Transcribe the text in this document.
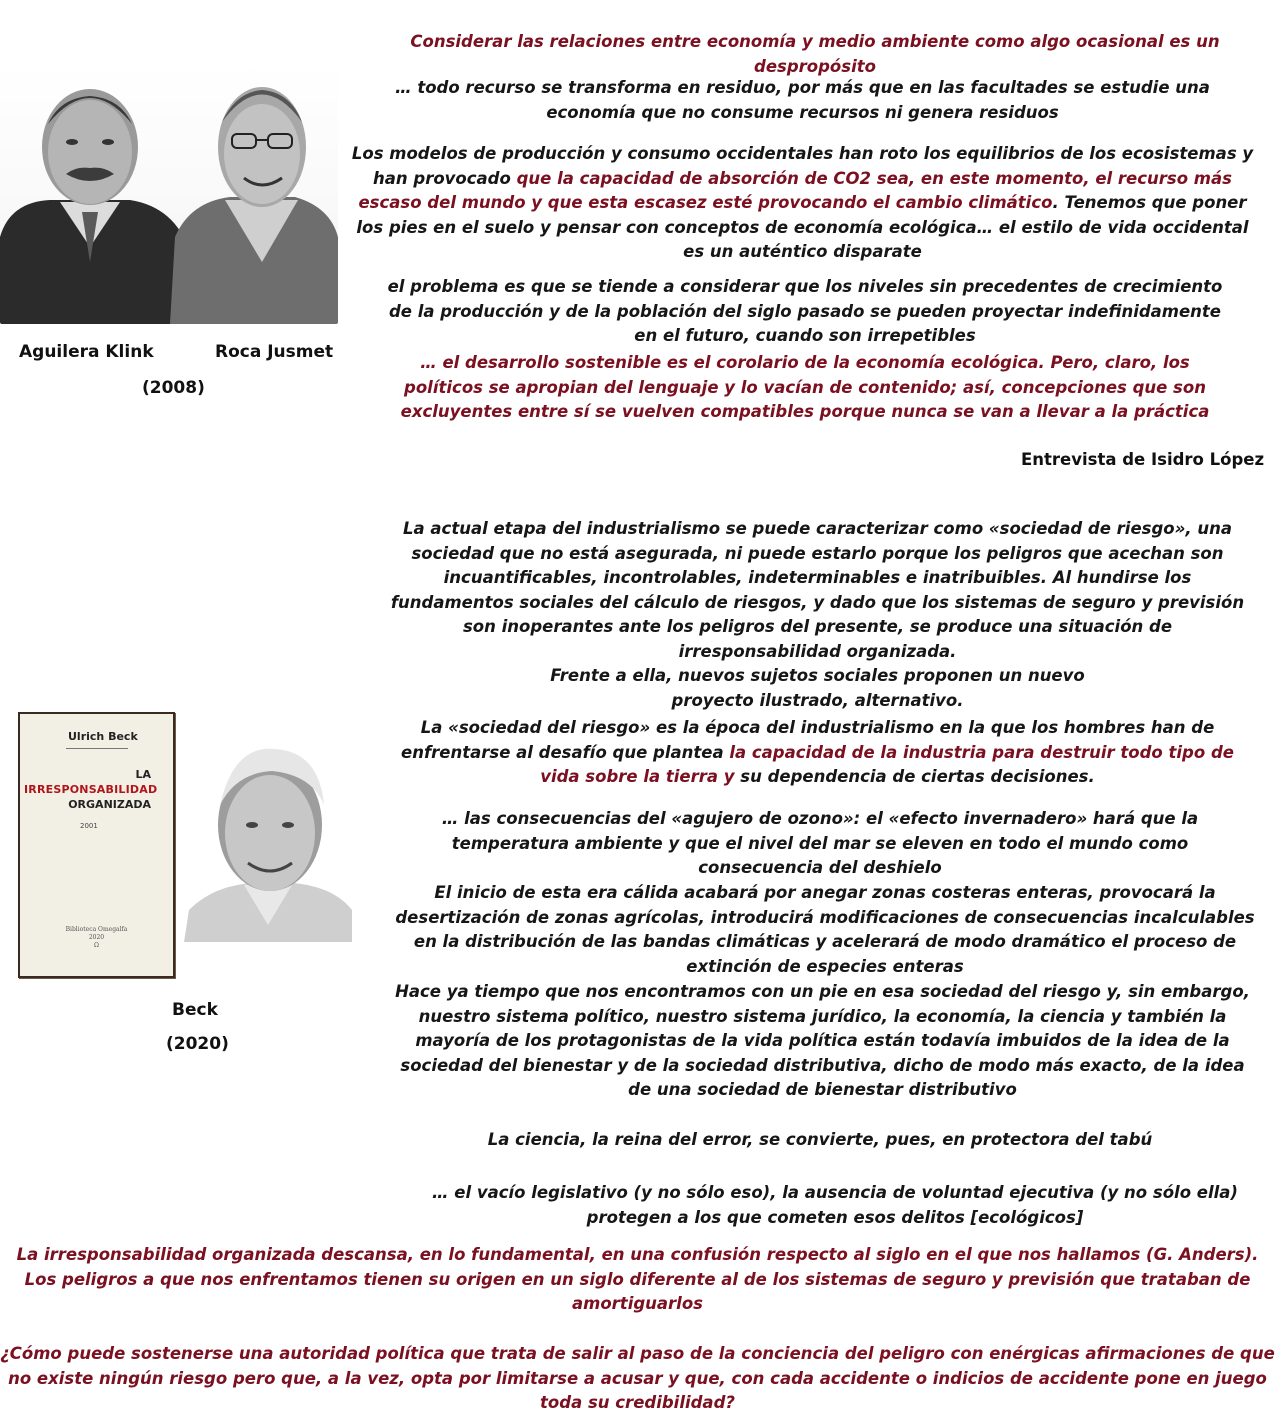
Aguilera Klink	Roca Jusmet
(2008)

Considerar las relaciones entre economía y medio ambiente como algo ocasional es un despropósito

… todo recurso se transforma en residuo, por más que en las facultades se estudie una economía que no consume recursos ni genera residuos

Los modelos de producción y consumo occidentales han roto los equilibrios de los ecosistemas y han provocado que la capacidad de absorción de CO2 sea, en este momento, el recurso más escaso del mundo y que esta escasez esté provocando el cambio climático. Tenemos que poner los pies en el suelo y pensar con conceptos de economía ecológica… el estilo de vida occidental es un auténtico disparate

el problema es que se tiende a considerar que los niveles sin precedentes de crecimiento de la producción y de la población del siglo pasado se pueden proyectar indefinidamente en el futuro, cuando son irrepetibles

… el desarrollo sostenible es el corolario de la economía ecológica. Pero, claro, los políticos se apropian del lenguaje y lo vacían de contenido; así, concepciones que son excluyentes entre sí se vuelven compatibles porque nunca se van a llevar a la práctica

Entrevista de Isidro López
Ulrich Beck
LA
IRRESPONSABILIDAD
ORGANIZADA
2001
Biblioteca Omegalfa
2020
Ω
Beck
(2020)

La actual etapa del industrialismo se puede caracterizar como «sociedad de riesgo», una sociedad que no está asegurada, ni puede estarlo porque los peligros que acechan son incuantificables, incontrolables, indeterminables e inatribuibles. Al hundirse los fundamentos sociales del cálculo de riesgos, y dado que los sistemas de seguro y previsión son inoperantes ante los peligros del presente, se produce una situación de irresponsabilidad organizada.
Frente a ella, nuevos sujetos sociales proponen un nuevo
proyecto ilustrado, alternativo.

La «sociedad del riesgo» es la época del industrialismo en la que los hombres han de enfrentarse al desafío que plantea la capacidad de la industria para destruir todo tipo de vida sobre la tierra y su dependencia de ciertas decisiones.

… las consecuencias del «agujero de ozono»: el «efecto invernadero» hará que la temperatura ambiente y que el nivel del mar se eleven en todo el mundo como consecuencia del deshielo

El inicio de esta era cálida acabará por anegar zonas costeras enteras, provocará la desertización de zonas agrícolas, introducirá modificaciones de consecuencias incalculables en la distribución de las bandas climáticas y acelerará de modo dramático el proceso de extinción de especies enteras

Hace ya tiempo que nos encontramos con un pie en esa sociedad del riesgo y, sin embargo, nuestro sistema político, nuestro sistema jurídico, la economía, la ciencia y también la mayoría de los protagonistas de la vida política están todavía imbuidos de la idea de la sociedad del bienestar y de la sociedad distributiva, dicho de modo más exacto, de la idea de una sociedad de bienestar distributivo

La ciencia, la reina del error, se convierte, pues, en protectora del tabú

… el vacío legislativo (y no sólo eso), la ausencia de voluntad ejecutiva (y no sólo ella) protegen a los que cometen esos delitos [ecológicos]

La irresponsabilidad organizada descansa, en lo fundamental, en una confusión respecto al siglo en el que nos hallamos (G. Anders). Los peligros a que nos enfrentamos tienen su origen en un siglo diferente al de los sistemas de seguro y previsión que trataban de amortiguarlos

¿Cómo puede sostenerse una autoridad política que trata de salir al paso de la conciencia del peligro con enérgicas afirmaciones de que no existe ningún riesgo pero que, a la vez, opta por limitarse a acusar y que, con cada accidente o indicios de accidente pone en juego toda su credibilidad?
